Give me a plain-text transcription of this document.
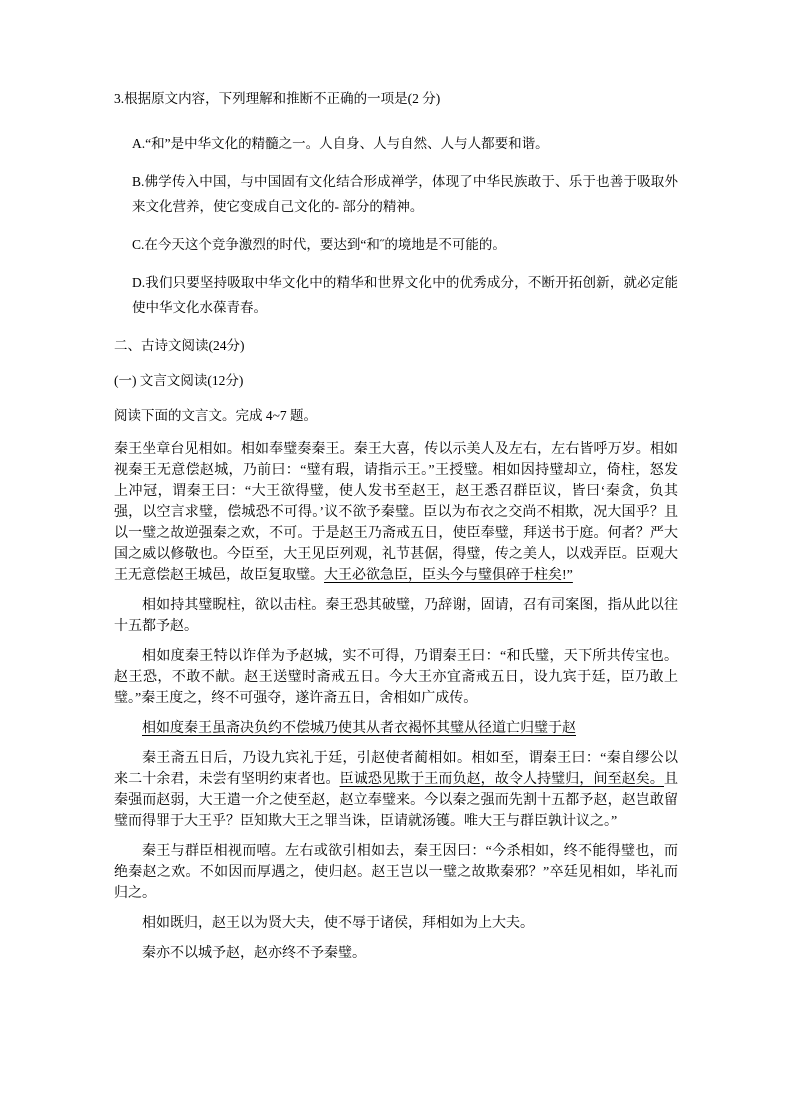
3.根据原文内容，下列理解和推断不正确的一项是(2 分)

A.“和”是中华文化的精髓之一。人自身、人与自然、人与人都要和谐。

B.佛学传入中国，与中国固有文化结合形成禅学，体现了中华民族敢于、乐于也善于吸取外来文化营养，使它变成自己文化的- 部分的精神。

C.在今天这个竞争激烈的时代，要达到“和˝的境地是不可能的。

D.我们只要坚持吸取中华文化中的精华和世界文化中的优秀成分，不断开拓创新，就必定能使中华文化水葆青春。

二、古诗文阅读(24分)

(一) 文言文阅读(12分)

阅读下面的文言文。完成 4~7 题。

秦王坐章台见相如。相如奉璧奏秦王。秦王大喜，传以示美人及左右，左右皆呼万岁。相如视秦王无意偿赵城，乃前曰：“璧有瑕，请指示王。”王授璧。相如因持璧却立，倚柱，怒发上冲冠，谓秦王曰：“大王欲得璧，使人发书至赵王，赵王悉召群臣议，皆曰‘秦贪，负其强，以空言求璧，偿城恐不可得。’议不欲予秦璧。臣以为布衣之交尚不相欺，况大国乎？且以一璧之故逆强秦之欢，不可。于是赵王乃斋戒五日，使臣奉璧，拜送书于庭。何者？严大国之威以修敬也。今臣至，大王见臣列观，礼节甚倨，得璧，传之美人，以戏弄臣。臣观大王无意偿赵王城邑，故臣复取璧。大王必欲急臣，臣头今与璧俱碎于柱矣!”

相如持其璧睨柱，欲以击柱。秦王恐其破璧，乃辞谢，固请，召有司案图，指从此以往十五都予赵。

相如度秦王特以诈佯为予赵城，实不可得，乃谓秦王曰：“和氏璧，天下所共传宝也。赵王恐，不敢不献。赵王送璧时斋戒五日。今大王亦宜斋戒五日，设九宾于廷，臣乃敢上璧。”秦王度之，终不可强夺，遂许斋五日，舍相如广成传。

相如度秦王虽斋决负约不偿城乃使其从者衣褐怀其璧从径道亡归璧于赵

秦王斋五日后，乃设九宾礼于廷，引赵使者蔺相如。相如至，谓秦王曰：“秦自缪公以来二十余君，未尝有坚明约束者也。臣诚恐见欺于王而负赵，故令人持璧归，间至赵矣。且秦强而赵弱，大王遣一介之使至赵，赵立奉璧来。今以秦之强而先割十五都予赵，赵岂敢留璧而得罪于大王乎？臣知欺大王之罪当诛，臣请就汤镬。唯大王与群臣孰计议之。”

秦王与群臣相视而嘻。左右或欲引相如去，秦王因曰：“今杀相如，终不能得璧也，而绝秦赵之欢。不如因而厚遇之，使归赵。赵王岂以一璧之故欺秦邪？”卒廷见相如，毕礼而归之。

相如既归，赵王以为贤大夫，使不辱于诸侯，拜相如为上大夫。

秦亦不以城予赵，赵亦终不予秦璧。
